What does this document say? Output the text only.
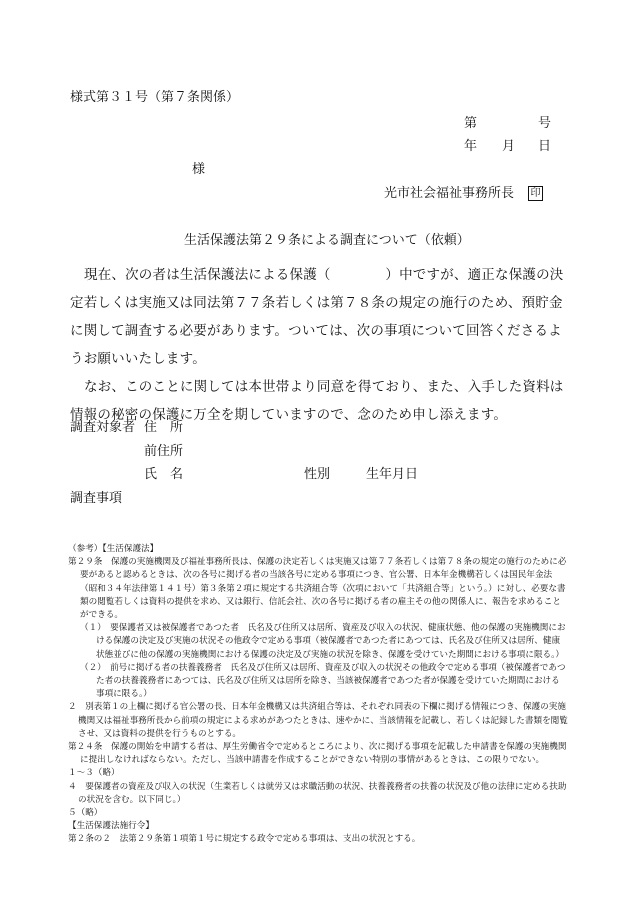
様式第３１号（第７条関係）
第	号
年 月 日
様
光市社会福祉事務所長 印
生活保護法第２９条による調査について（依頼）

現在、次の者は生活保護法による保護（　　　　）中ですが、適正な保護の決定若しくは実施又は同法第７７条若しくは第７８条の規定の施行のため、預貯金に関して調査する必要があります。ついては、次の事項について回答くださるようお願いいたします。

なお、このことに関しては本世帯より同意を得ており、また、入手した資料は情報の秘密の保護に万全を期していますので、念のため申し添えます。

調査対象者 住　所
前住所
氏　名	性別	生年月日
調査事項
（参考）【生活保護法】
第２９条　保護の実施機関及び福祉事務所長は、保護の決定若しくは実施又は第７７条若しくは第７８条の規定の施行のために必要があると認めるときは、次の各号に掲げる者の当該各号に定める事項につき、官公署、日本年金機構若しくは国民年金法（昭和３４年法律第１４１号）第３条第２項に規定する共済組合等（次項において「共済組合等」という。）に対し、必要な書類の閲覧若しくは資料の提供を求め、又は銀行、信託会社、次の各号に掲げる者の雇主その他の関係人に、報告を求めることができる。
（１）　要保護者又は被保護者であつた者　氏名及び住所又は居所、資産及び収入の状況、健康状態、他の保護の実施機関における保護の決定及び実施の状況その他政令で定める事項（被保護者であつた者にあつては、氏名及び住所又は居所、健康状態並びに他の保護の実施機関における保護の決定及び実施の状況を除き、保護を受けていた期間における事項に限る。）
（２）　前号に掲げる者の扶養義務者　氏名及び住所又は居所、資産及び収入の状況その他政令で定める事項（被保護者であつた者の扶養義務者にあつては、氏名及び住所又は居所を除き、当該被保護者であつた者が保護を受けていた期間における事項に限る。）
２　別表第１の上欄に掲げる官公署の長、日本年金機構又は共済組合等は、それぞれ同表の下欄に掲げる情報につき、保護の実施機関又は福祉事務所長から前項の規定による求めがあつたときは、速やかに、当該情報を記載し、若しくは記録した書類を閲覧させ、又は資料の提供を行うものとする。
第２４条　保護の開始を申請する者は、厚生労働省令で定めるところにより、次に掲げる事項を記載した申請書を保護の実施機関に提出しなければならない。ただし、当該申請書を作成することができない特別の事情があるときは、この限りでない。
１～３（略）
４　要保護者の資産及び収入の状況（生業若しくは就労又は求職活動の状況、扶養義務者の扶養の状況及び他の法律に定める扶助の状況を含む。以下同じ。）
５（略）
【生活保護法施行令】
第２条の２　法第２９条第１項第１号に規定する政令で定める事項は、支出の状況とする。
